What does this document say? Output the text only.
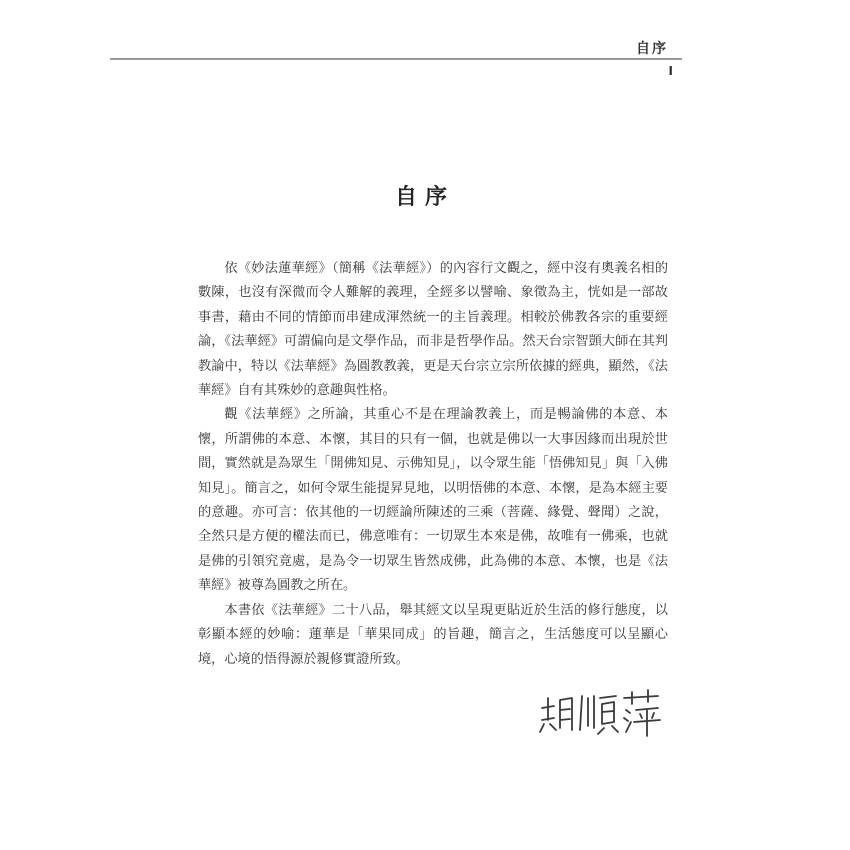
自序
I
自序

依《妙法蓮華經》（簡稱《法華經》）的內容行文觀之，經中沒有奧義名相的數陳，也沒有深微而令人難解的義理，全經多以譬喻、象徵為主，恍如是一部故事書，藉由不同的情節而串建成渾然統一的主旨義理。相較於佛教各宗的重要經論，《法華經》可謂偏向是文學作品，而非是哲學作品。然天台宗智顗大師在其判教論中，特以《法華經》為圓教教義，更是天台宗立宗所依據的經典，顯然，《法華經》自有其殊妙的意趣與性格。

觀《法華經》之所論，其重心不是在理論教義上，而是暢論佛的本意、本懷，所謂佛的本意、本懷，其目的只有一個，也就是佛以一大事因緣而出現於世間，實然就是為眾生「開佛知見、示佛知見」，以令眾生能「悟佛知見」與「入佛知見」。簡言之，如何令眾生能提昇見地，以明悟佛的本意、本懷，是為本經主要的意趣。亦可言：依其他的一切經論所陳述的三乘（菩薩、緣覺、聲聞）之說，全然只是方便的權法而已，佛意唯有：一切眾生本來是佛，故唯有一佛乘，也就是佛的引領究竟處，是為令一切眾生皆然成佛，此為佛的本意、本懷，也是《法華經》被尊為圓教之所在。

本書依《法華經》二十八品，舉其經文以呈現更貼近於生活的修行態度，以彰顯本經的妙喻：蓮華是「華果同成」的旨趣，簡言之，生活態度可以呈顯心境，心境的悟得源於親修實證所致。
